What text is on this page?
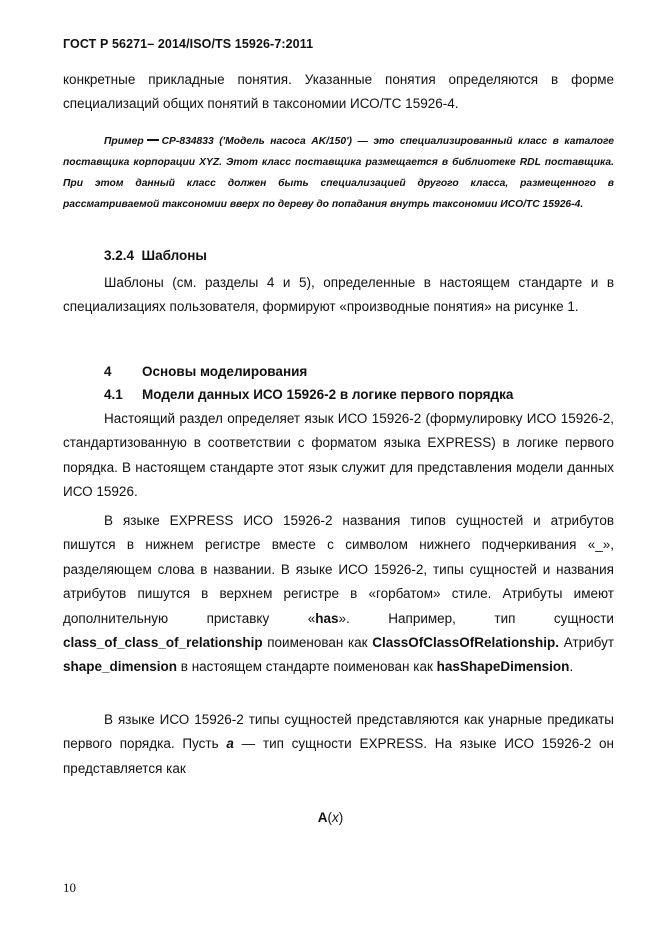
ГОСТ Р 56271– 2014/ISO/TS 15926-7:2011
конкретные прикладные понятия. Указанные понятия определяются в форме специализаций общих понятий в таксономии ИСО/ТС 15926-4.
Пример CP-834833 ('Модель насоса AK/150') — это специализированный класс в каталоге поставщика корпорации XYZ. Этот класс поставщика размещается в библиотеке RDL поставщика. При этом данный класс должен быть специализацией другого класса, размещенного в рассматриваемой таксономии вверх по дереву до попадания внутрь таксономии ИСО/ТС 15926-4.
3.2.4 Шаблоны
Шаблоны (см. разделы 4 и 5), определенные в настоящем стандарте и в специализациях пользователя, формируют «производные понятия» на рисунке 1.
4 Основы моделирования
4.1 Модели данных ИСО 15926-2 в логике первого порядка
Настоящий раздел определяет язык ИСО 15926-2 (формулировку ИСО 15926-2, стандартизованную в соответствии с форматом языка EXPRESS) в логике первого порядка. В настоящем стандарте этот язык служит для представления модели данных ИСО 15926.
В языке EXPRESS ИСО 15926-2 названия типов сущностей и атрибутов пишутся в нижнем регистре вместе с символом нижнего подчеркивания «_», разделяющем слова в названии. В языке ИСО 15926-2, типы сущностей и названия атрибутов пишутся в верхнем регистре в «горбатом» стиле. Атрибуты имеют дополнительную приставку «has». Например, тип сущности class_of_class_of_relationship поименован как ClassOfClassOfRelationship. Атрибут shape_dimension в настоящем стандарте поименован как hasShapeDimension.
В языке ИСО 15926-2 типы сущностей представляются как унарные предикаты первого порядка. Пусть a — тип сущности EXPRESS. На языке ИСО 15926-2 он представляется как
A(x)
10
